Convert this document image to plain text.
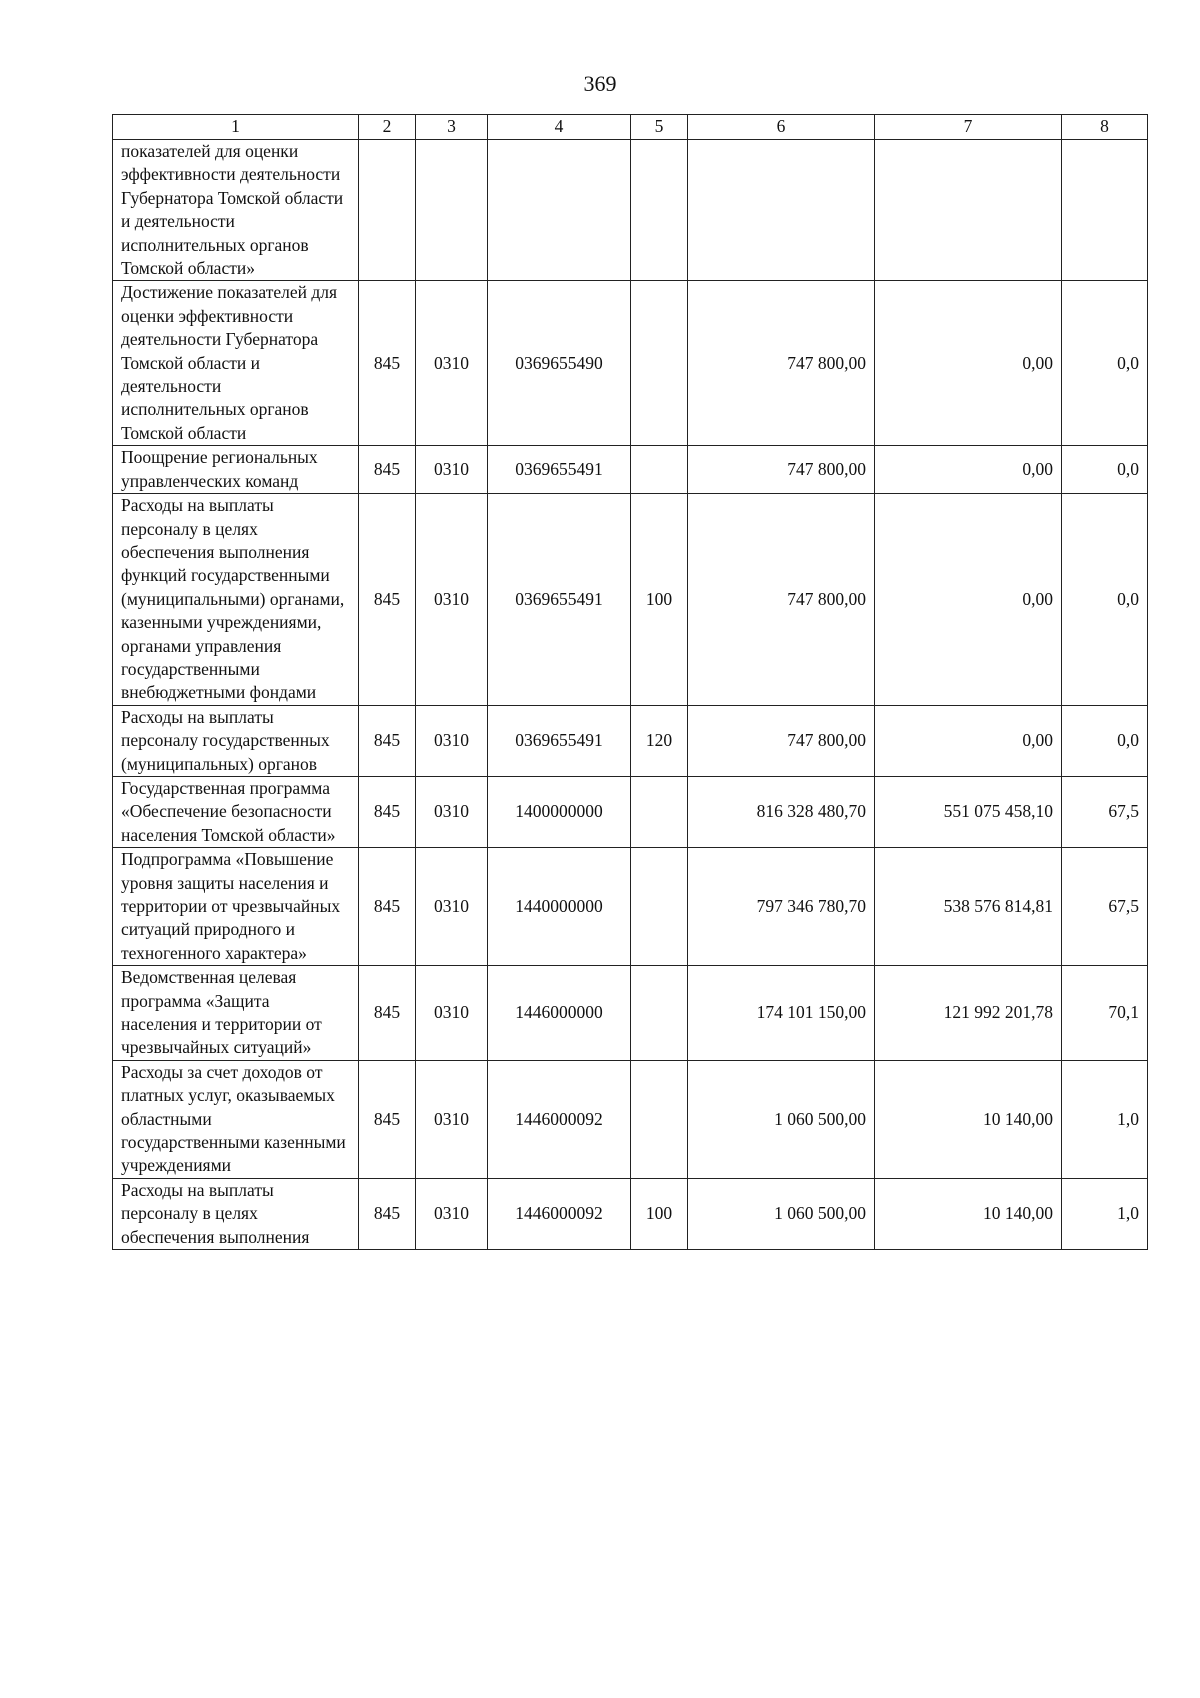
369
1	2	3	4	5	6	7	8
показателей для оценки эффективности деятельности Губернатора Томской области и деятельности исполнительных органов Томской области»							
Достижение показателей для оценки эффективности деятельности Губернатора Томской области и деятельности исполнительных органов Томской области	845	0310	0369655490		747 800,00	0,00	0,0
Поощрение региональных управленческих команд	845	0310	0369655491		747 800,00	0,00	0,0
Расходы на выплаты персоналу в целях обеспечения выполнения функций государственными (муниципальными) органами, казенными учреждениями, органами управления государственными внебюджетными фондами	845	0310	0369655491	100	747 800,00	0,00	0,0
Расходы на выплаты персоналу государственных (муниципальных) органов	845	0310	0369655491	120	747 800,00	0,00	0,0
Государственная программа «Обеспечение безопасности населения Томской области»	845	0310	1400000000		816 328 480,70	551 075 458,10	67,5
Подпрограмма «Повышение уровня защиты населения и территории от чрезвычайных ситуаций природного и техногенного характера»	845	0310	1440000000		797 346 780,70	538 576 814,81	67,5
Ведомственная целевая программа «Защита населения и территории от чрезвычайных ситуаций»	845	0310	1446000000		174 101 150,00	121 992 201,78	70,1
Расходы за счет доходов от платных услуг, оказываемых областными государственными казенными учреждениями	845	0310	1446000092		1 060 500,00	10 140,00	1,0
Расходы на выплаты персоналу в целях обеспечения выполнения	845	0310	1446000092	100	1 060 500,00	10 140,00	1,0
